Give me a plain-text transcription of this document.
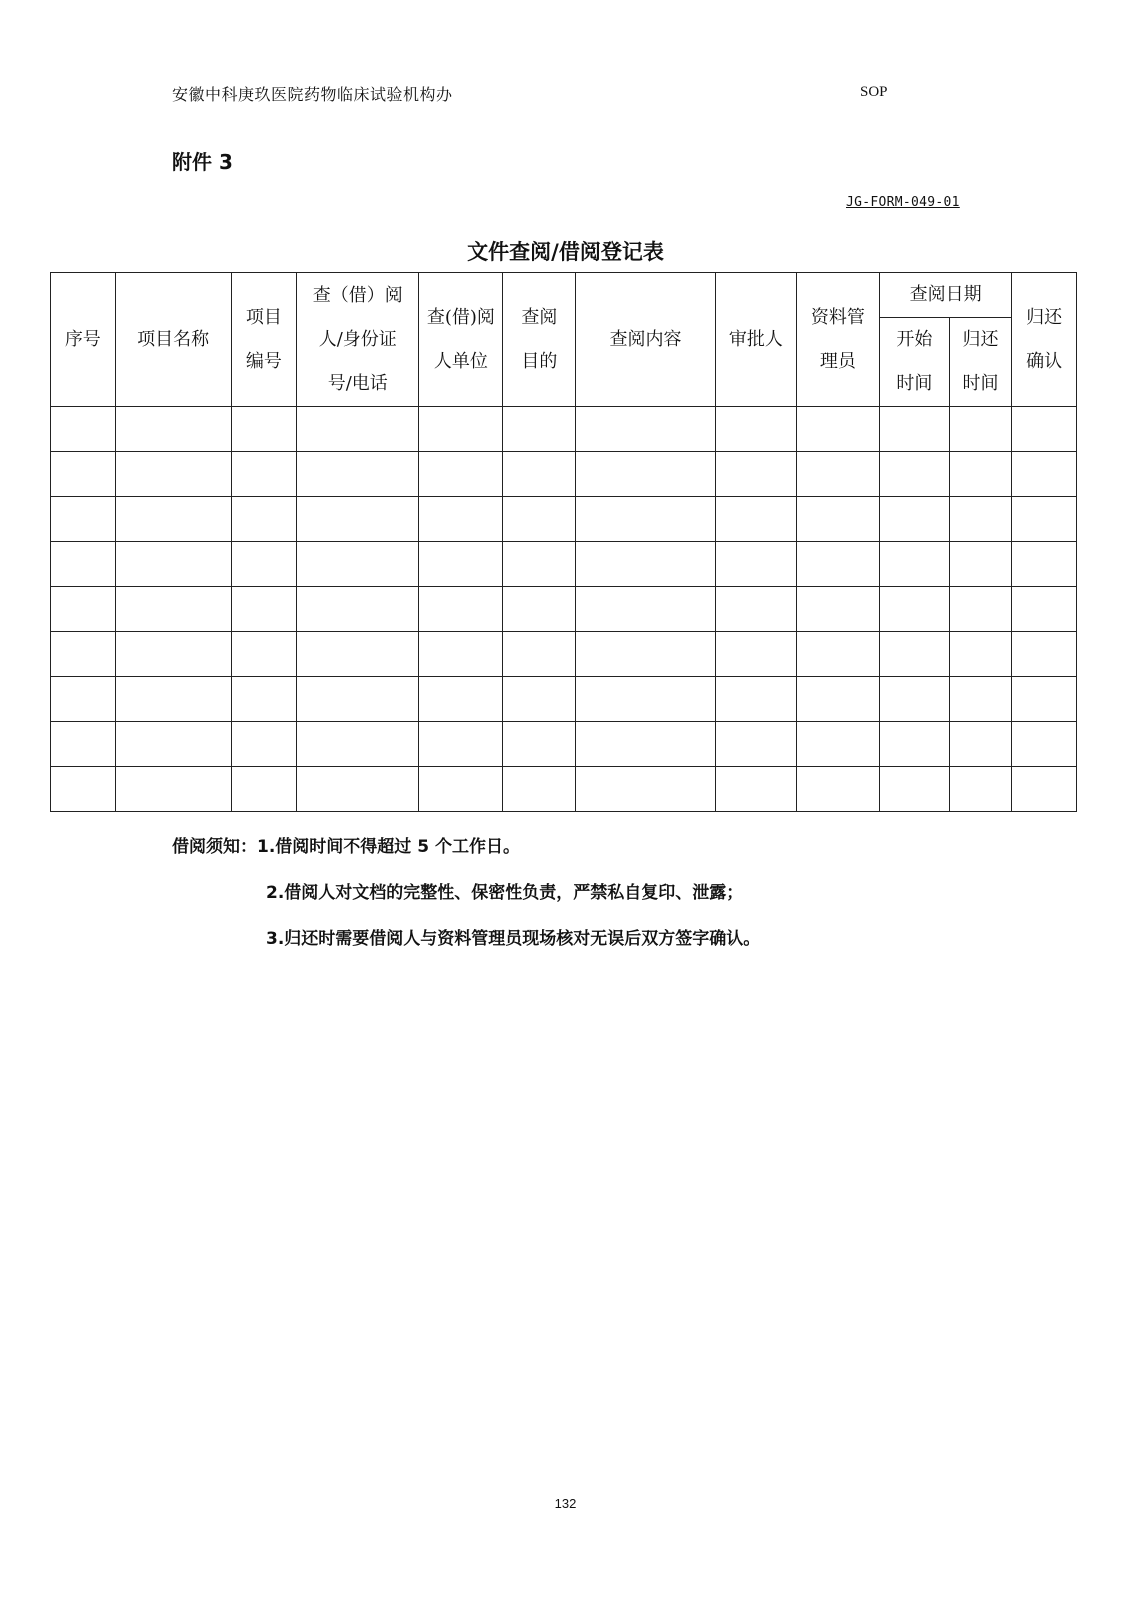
安徽中科庚玖医院药物临床试验机构办	SOP
附件 3
JG-FORM-049-01
文件查阅/借阅登记表
序号	项目名称	项目编号	查（借）阅人/身份证号/电话	查(借)阅人单位	查阅目的	查阅内容	审批人	资料管理员	查阅日期		归还确认

									开始时间	归还时间	

借阅须知：1.借阅时间不得超过 5 个工作日。
2.借阅人对文档的完整性、保密性负责，严禁私自复印、泄露；
3.归还时需要借阅人与资料管理员现场核对无误后双方签字确认。
132
